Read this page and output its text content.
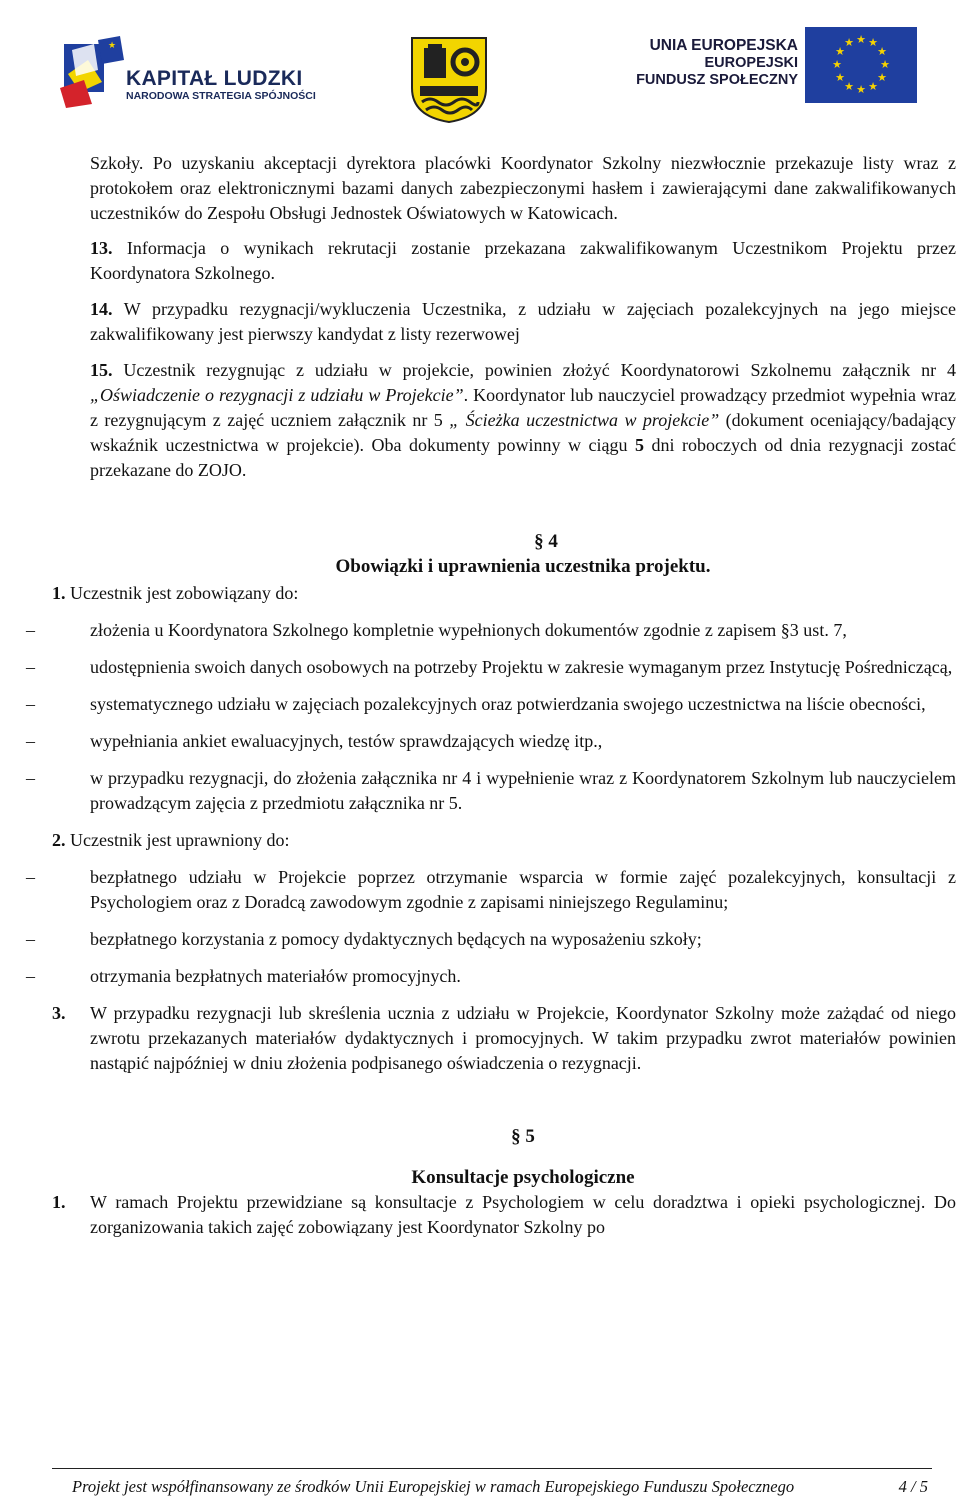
★
KAPITAŁ LUDZKI
NARODOWA STRATEGIA SPÓJNOŚCI
UNIA EUROPEJSKA
EUROPEJSKI
FUNDUSZ SPOŁECZNY
★ ★
★
★
★
★
★
★
★
★
★
★

Szkoły. Po uzyskaniu akceptacji dyrektora placówki Koordynator Szkolny niezwłocznie przekazuje listy wraz z protokołem oraz elektronicznymi bazami danych zabezpieczonymi hasłem i zawierającymi dane zakwalifikowanych uczestników do Zespołu Obsługi Jednostek Oświatowych w Katowicach.

13. Informacja o wynikach rekrutacji zostanie przekazana zakwalifikowanym Uczestnikom Projektu przez Koordynatora Szkolnego.

14. W przypadku rezygnacji/wykluczenia Uczestnika, z udziału w zajęciach pozalekcyjnych na jego miejsce zakwalifikowany jest pierwszy kandydat z listy rezerwowej

15. Uczestnik rezygnując z udziału w projekcie, powinien złożyć Koordynatorowi Szkolnemu załącznik nr 4 „Oświadczenie o rezygnacji z udziału w Projekcie”. Koordynator lub nauczyciel prowadzący przedmiot wypełnia wraz z rezygnującym z zajęć uczniem załącznik nr 5 „ Ścieżka uczestnictwa w projekcie” (dokument oceniający/badający wskaźnik uczestnictwa w projekcie). Oba dokumenty powinny w ciągu 5 dni roboczych od dnia rezygnacji zostać przekazane do ZOJO.

§ 4

Obowiązki i uprawnienia uczestnika projektu.

1. Uczestnik jest zobowiązany do:

–	złożenia u Koordynatora Szkolnego kompletnie wypełnionych dokumentów zgodnie z zapisem §3 ust. 7,

–	udostępnienia swoich danych osobowych na potrzeby Projektu w zakresie wymaganym przez Instytucję Pośredniczącą,

–	systematycznego udziału w zajęciach pozalekcyjnych oraz potwierdzania swojego uczestnictwa na liście obecności,

–	wypełniania ankiet ewaluacyjnych, testów sprawdzających wiedzę itp.,

–	w przypadku rezygnacji, do złożenia załącznika nr 4 i wypełnienie wraz z Koordynatorem Szkolnym lub nauczycielem prowadzącym zajęcia z przedmiotu załącznika nr 5.

2. Uczestnik jest uprawniony do:

–	bezpłatnego udziału w Projekcie poprzez otrzymanie wsparcia w formie zajęć pozalekcyjnych, konsultacji z Psychologiem oraz z Doradcą zawodowym zgodnie z zapisami niniejszego Regulaminu;

–	bezpłatnego korzystania z pomocy dydaktycznych będących na wyposażeniu szkoły;

–	otrzymania bezpłatnych materiałów promocyjnych.

3. W przypadku rezygnacji lub skreślenia ucznia z udziału w Projekcie, Koordynator Szkolny może zażądać od niego zwrotu przekazanych materiałów dydaktycznych i promocyjnych. W takim przypadku zwrot materiałów powinien nastąpić najpóźniej w dniu złożenia podpisanego oświadczenia o rezygnacji.

§ 5

Konsultacje psychologiczne

1. W ramach Projektu przewidziane są konsultacje z Psychologiem w celu doradztwa i opieki psychologicznej. Do zorganizowania takich zajęć zobowiązany jest Koordynator Szkolny po

Projekt jest współfinansowany ze środków Unii Europejskiej w ramach Europejskiego Funduszu Społecznego	4 / 5
